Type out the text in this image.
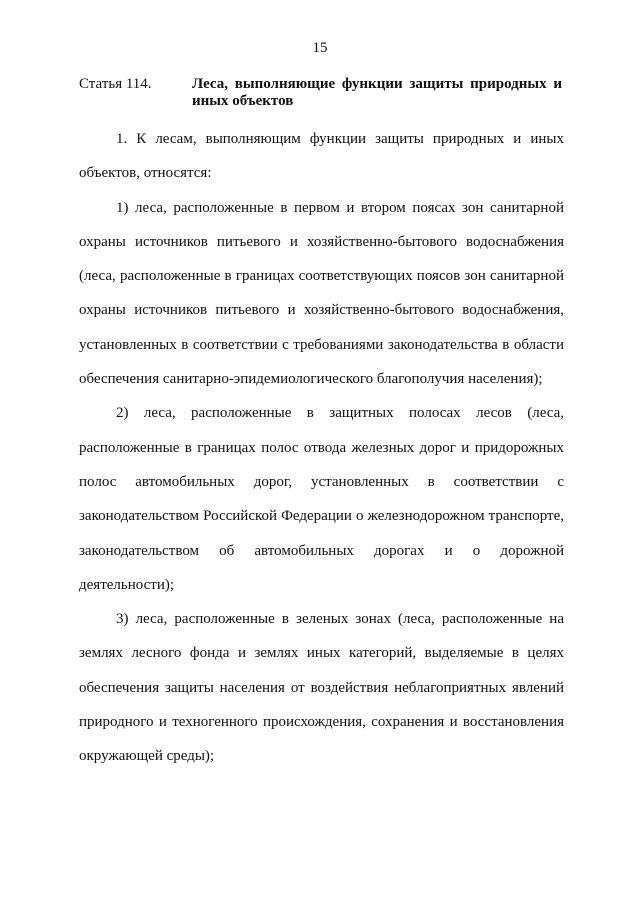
15
Статья 114.	Леса, выполняющие функции защиты природных и иных объектов

1. К лесам, выполняющим функции защиты природных и иных объектов, относятся:

1) леса, расположенные в первом и втором поясах зон санитарной охраны источников питьевого и хозяйственно-бытового водоснабжения (леса, расположенные в границах соответствующих поясов зон санитарной охраны источников питьевого и хозяйственно-бытового водоснабжения, установленных в соответствии с требованиями законодательства в области обеспечения санитарно-эпидемиологического благополучия населения);

2) леса, расположенные в защитных полосах лесов (леса, расположенные в границах полос отвода железных дорог и придорожных полос автомобильных дорог, установленных в соответствии с законодательством Российской Федерации о железнодорожном транспорте, законодательством об автомобильных дорогах и о дорожной деятельности);

3) леса, расположенные в зеленых зонах (леса, расположенные на землях лесного фонда и землях иных категорий, выделяемые в целях обеспечения защиты населения от воздействия неблагоприятных явлений природного и техногенного происхождения, сохранения и восстановления окружающей среды);
